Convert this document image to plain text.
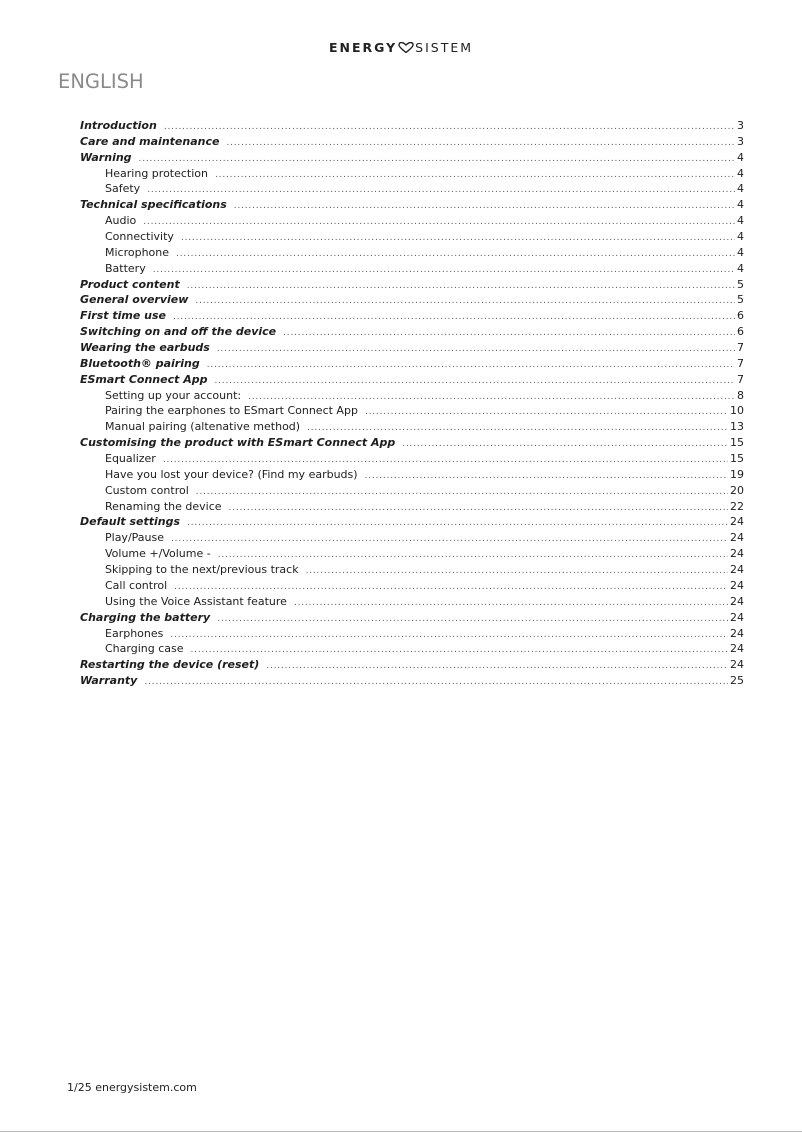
ENERGY SISTEM
ENGLISH
Introduction .....	3
Care and maintenance .....	3
Warning .....	4
Hearing protection .....	4
Safety .....	4
Technical specifications .....	4
Audio .....	4
Connectivity .....	4
Microphone .....	4
Battery .....	4
Product content .....	5
General overview .....	5
First time use .....	6
Switching on and off the device .....	6
Wearing the earbuds .....	7
Bluetooth® pairing .....	7
ESmart Connect App .....	7
Setting up your account: .....	8
Pairing the earphones to ESmart Connect App .....	10
Manual pairing (altenative method) .....	13
Customising the product with ESmart Connect App .....	15
Equalizer .....	15
Have you lost your device? (Find my earbuds) .....	19
Custom control .....	20
Renaming the device .....	22
Default settings .....	24
Play/Pause .....	24
Volume +/Volume - .....	24
Skipping to the next/previous track .....	24
Call control .....	24
Using the Voice Assistant feature .....	24
Charging the battery .....	24
Earphones .....	24
Charging case .....	24
Restarting the device (reset) .....	24
Warranty .....	25
1/25 energysistem.com
